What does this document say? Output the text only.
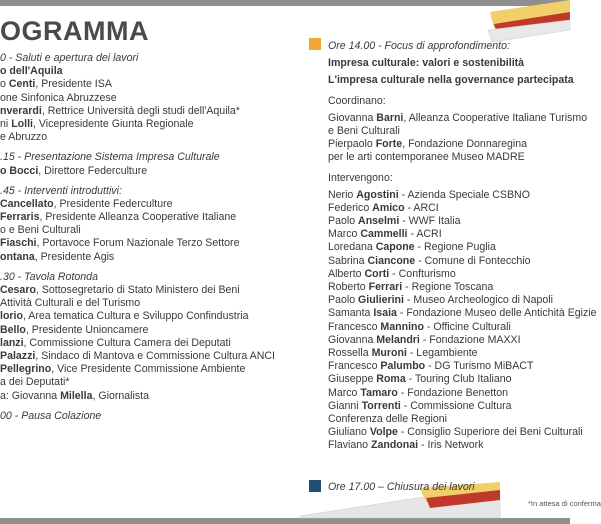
OGRAMMA
0 - Saluti e apertura dei lavori
o dell'Aquila
o Centi, Presidente ISA
one Sinfonica Abruzzese
nverardi, Rettrice Università degli studi dell'Aquila*
ni Lolli, Vicepresidente Giunta Regionale
e Abruzzo
.15 - Presentazione Sistema Impresa Culturale
o Bocci, Direttore Federculture
.45 - Interventi introduttivi:
Cancellato, Presidente Federculture
Ferraris, Presidente Alleanza Cooperative Italiane
o e Beni Culturali
Fiaschi, Portavoce Forum Nazionale Terzo Settore
ontana, Presidente Agis
.30 - Tavola Rotonda
Cesaro, Sottosegretario di Stato Ministero dei Beni
Attività Culturali e del Turismo
lorio, Area tematica Cultura e Sviluppo Confindustria
Bello, Presidente Unioncamere
lanzi, Commissione Cultura Camera dei Deputati
Palazzi, Sindaco di Mantova e Commissione Cultura ANCI
Pellegrino, Vice Presidente Commissione Ambiente
a dei Deputati*
a: Giovanna Milella, Giornalista
00 - Pausa Colazione
Ore 14.00 - Focus di approfondimento:
Impresa culturale: valori e sostenibilità
L'impresa culturale nella governance partecipata
Coordinano:
Giovanna Barni, Alleanza Cooperative Italiane Turismo
e Beni Culturali
Pierpaolo Forte, Fondazione Donnaregina
per le arti contemporanee Museo MADRE
Intervengono:
Nerio Agostini - Azienda Speciale CSBNO
Federico Amico - ARCI
Paolo Anselmi - WWF Italia
Marco Cammelli - ACRI
Loredana Capone - Regione Puglia
Sabrina Ciancone - Comune di Fontecchio
Alberto Corti - Confturismo
Roberto Ferrari - Regione Toscana
Paolo Giulierini - Museo Archeologico di Napoli
Samanta Isaia - Fondazione Museo delle Antichità Egizie
Francesco Mannino - Officine Culturali
Giovanna Melandri - Fondazione MAXXI
Rossella Muroni - Legambiente
Francesco Palumbo - DG Turismo MiBACT
Giuseppe Roma - Touring Club Italiano
Marco Tamaro - Fondazione Benetton
Gianni Torrenti - Commissione Cultura
Conferenza delle Regioni
Giuliano Volpe - Consiglio Superiore dei Beni Culturali
Flaviano Zandonai - Iris Network
Ore 17.00 – Chiusura dei lavori
*In attesa di conferma
